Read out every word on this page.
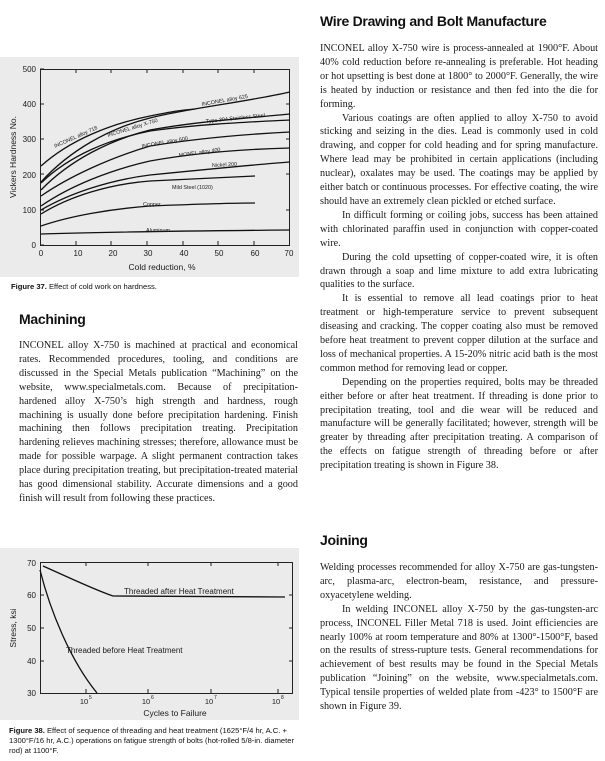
0
100
200
300
400
500
0	10	20	30	40	50	60	70
Cold reduction, %
Vickers Hardness No.
INCONEL alloy 625
Type 304 Stainless Steel
INCONEL alloy 718 INCONEL alloy X-750
INCONEL alloy 600
MONEL alloy 400
Nickel 200
Mild Steel (1020)
Copper
Aluminum
Figure 37. Effect of cold work on hardness.
Machining

INCONEL alloy X-750 is machined at practical and economical rates. Recommended procedures, tooling, and conditions are discussed in the Special Metals publication “Machining” on the website, www.specialmetals.com. Because of precipitation-hardened alloy X-750’s high strength and hardness, rough machining is usually done before precipitation hardening. Finish machining then follows precipitation treating. Precipitation hardening relieves machining stresses; therefore, allowance must be made for possible warpage. A slight permanent contraction takes place during precipitation treating, but precipitation-treated material has good dimensional stability. Accurate dimensions and a good finish will result from following these practices.

30
40
50
60
70
10	10	10	10
5	6	7	8
Cycles to Failure
Stress, ksi
Threaded after Heat Treatment
Threaded before Heat Treatment
Figure 38. Effect of sequence of threading and heat treatment (1625°F/4 hr, A.C. + 1300°F/16 hr, A.C.) operations on fatigue strength of bolts (hot-rolled 5/8-in. diameter rod) at 1100°F.
Wire Drawing and Bolt Manufacture

INCONEL alloy X-750 wire is process-annealed at 1900°F. About 40% cold reduction before re-annealing is preferable. Hot heading or hot upsetting is best done at 1800° to 2000°F. Generally, the wire is heated by induction or resistance and then fed into the die for forming.

Various coatings are often applied to alloy X-750 to avoid sticking and seizing in the dies. Lead is commonly used in cold drawing, and copper for cold heading and for spring manufacture. Where lead may be prohibited in certain applications (including nuclear), oxalates may be used. The coatings may be applied by either batch or continuous processes. For effective coating, the wire should have an extremely clean pickled or etched surface.

In difficult forming or coiling jobs, success has been attained with chlorinated paraffin used in conjunction with copper-coated wire.

During the cold upsetting of copper-coated wire, it is often drawn through a soap and lime mixture to add extra lubricating qualities to the surface.

It is essential to remove all lead coatings prior to heat treatment or high-temperature service to prevent subsequent diseasing and cracking. The copper coating also must be removed before heat treatment to prevent copper dilution at the surface and loss of mechanical properties. A 15-20% nitric acid bath is the most common method for removing lead or copper.

Depending on the properties required, bolts may be threaded either before or after heat treatment. If threading is done prior to precipitation treating, tool and die wear will be reduced and manufacture will be generally facilitated; however, strength will be greater by threading after precipitation treating. A comparison of the effects on fatigue strength of threading before or after precipitation treating is shown in Figure 38.

Joining

Welding processes recommended for alloy X-750 are gas-tungsten-arc, plasma-arc, electron-beam, resistance, and pressure-oxyacetylene welding.

In welding INCONEL alloy X-750 by the gas-tungsten-arc process, INCONEL Filler Metal 718 is used. Joint efficiencies are nearly 100% at room temperature and 80% at 1300°-1500°F, based on the results of stress-rupture tests. General recommendations for achievement of best results may be found in the Special Metals publication “Joining” on the website, www.specialmetals.com. Typical tensile properties of welded plate from -423° to 1500°F are shown in Figure 39.
